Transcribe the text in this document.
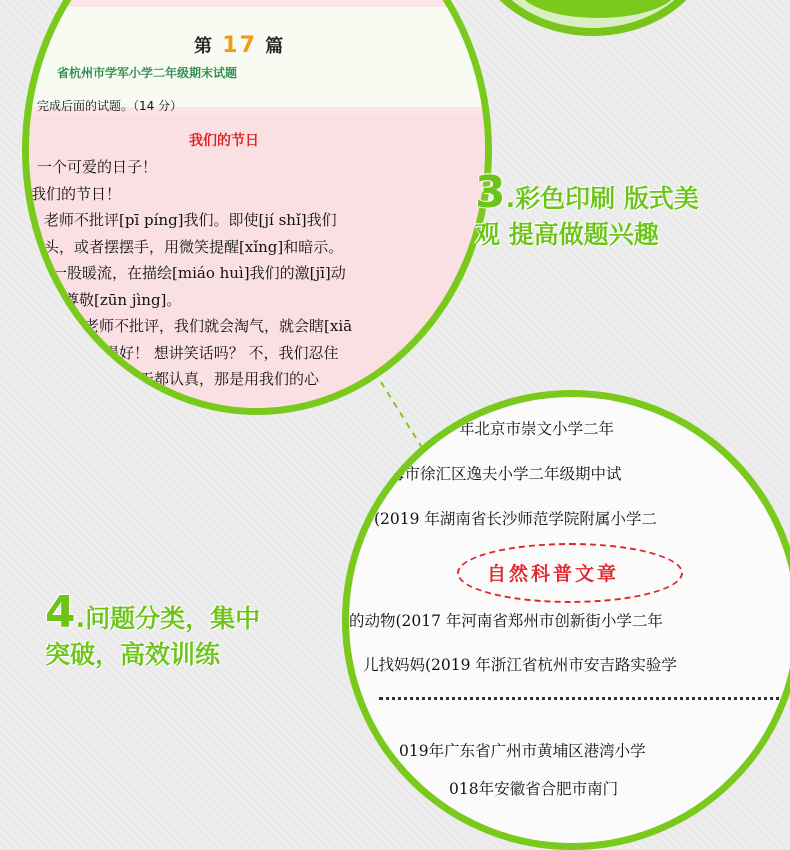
第 17 篇
省杭州市学军小学二年级期末试题
完成后面的试题。（14 分）
我们的节日
一个可爱的日子！
我们的节日！
，老师不批评[pī píng]我们。即使[jí shǐ]我们
摇头，或者摆摆手，用微笑提醒[xǐng]和暗示。
有一股暖流，在描绘[miáo huì]我们的激[jī]动
的尊敬[zūn jìng]。
，老师不批评，我们就会淘气，就会瞎[xiā
做得好！ 想讲笑话吗？ 不，我们忍住
哪一天都认真，那是用我们的心
3.彩色印刷 版式美
观 提高做题兴趣
年北京市崇文小学二年
海市徐汇区逸夫小学二年级期中试
(2019 年湖南省长沙师范学院附属小学二
自然科普文章
的动物(2017 年河南省郑州市创新街小学二年
儿找妈妈(2019 年浙江省杭州市安吉路实验学
019年广东省广州市黄埔区港湾小学
018年安徽省合肥市南门
4.问题分类，集中
突破，高效训练
